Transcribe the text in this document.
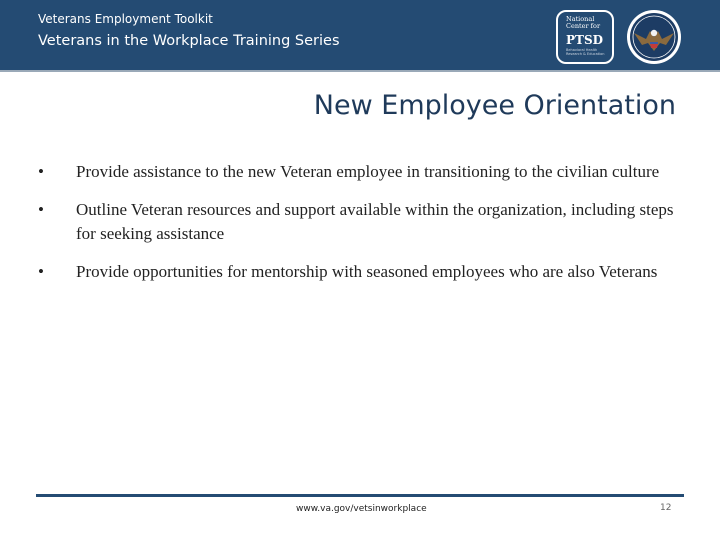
Veterans Employment Toolkit
Veterans in the Workplace Training Series
National
Center for
PTSD
Behavioral Health
Research & Education
New Employee Orientation
• Provide assistance to the new Veteran employee in transitioning to the civilian culture
• Outline Veteran resources and support available within the organization, including steps for seeking assistance
• Provide opportunities for mentorship with seasoned employees who are also Veterans
www.va.gov/vetsinworkplace	12
